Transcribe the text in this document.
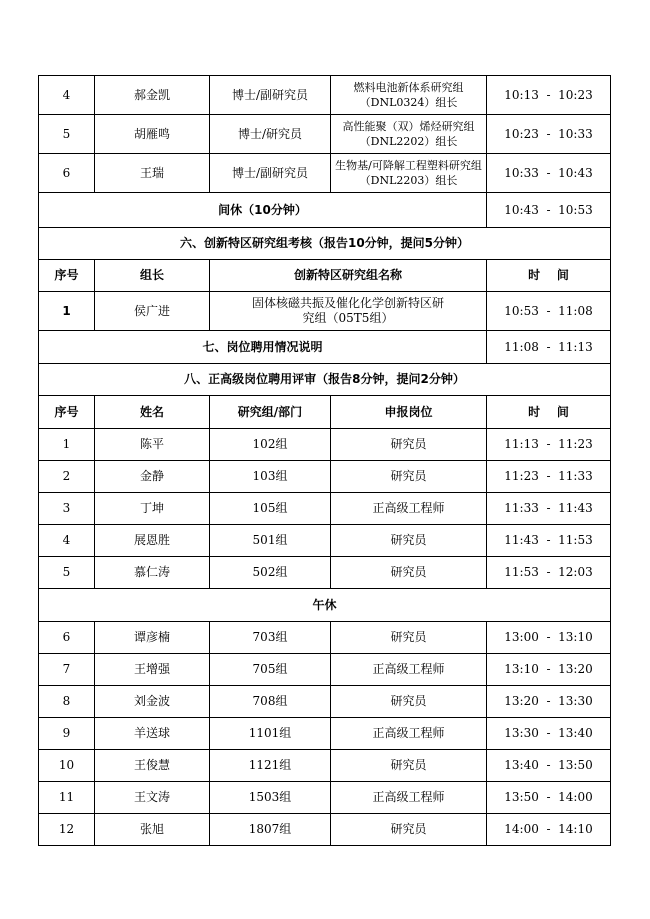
4	郝金凯	博士/副研究员	燃料电池新体系研究组（DNL0324）组长	10:13  -  10:23
5	胡雁鸣	博士/研究员	高性能聚（双）烯烃研究组（DNL2202）组长	10:23  -  10:33
6	王瑞	博士/副研究员	生物基/可降解工程塑料研究组（DNL2203）组长	10:33  -  10:43
间休（10分钟）				10:43  -  10:53
六、创新特区研究组考核（报告10分钟，提问5分钟）				
序号	组长	创新特区研究组名称		时    间
1	侯广进	固体核磁共振及催化化学创新特区研究组（05T5组）		10:53  -  11:08
七、岗位聘用情况说明				11:08  -  11:13
八、正高级岗位聘用评审（报告8分钟，提问2分钟）				
序号	姓名	研究组/部门	申报岗位	时    间
1	陈平	102组	研究员	11:13  -  11:23
2	金静	103组	研究员	11:23  -  11:33
3	丁坤	105组	正高级工程师	11:33  -  11:43
4	展恩胜	501组	研究员	11:43  -  11:53
5	慕仁涛	502组	研究员	11:53  -  12:03
午休				
6	谭彦楠	703组	研究员	13:00  -  13:10
7	王增强	705组	正高级工程师	13:10  -  13:20
8	刘金波	708组	研究员	13:20  -  13:30
9	羊送球	1101组	正高级工程师	13:30  -  13:40
10	王俊慧	1121组	研究员	13:40  -  13:50
11	王文涛	1503组	正高级工程师	13:50  -  14:00
12	张旭	1807组	研究员	14:00  -  14:10
